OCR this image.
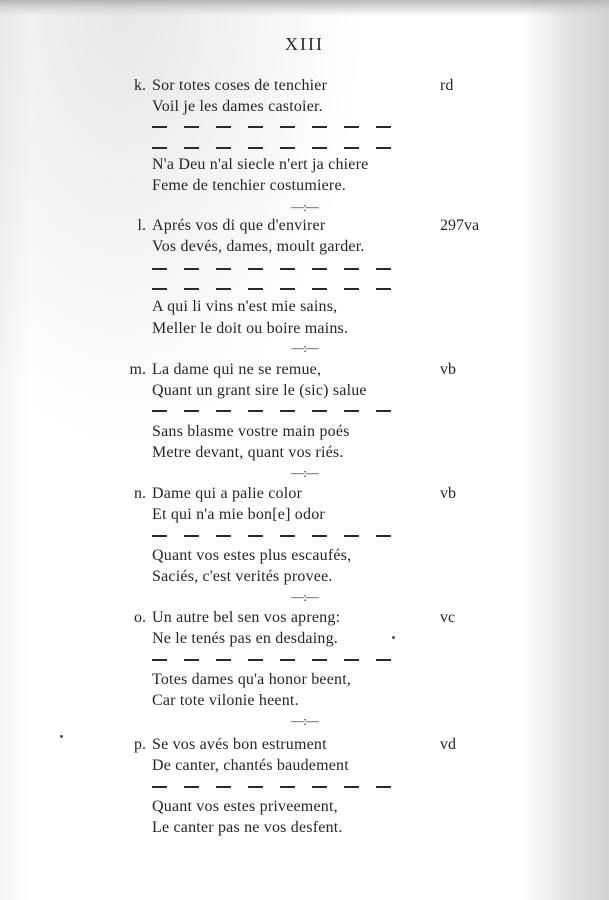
XIII
k. Sor totes coses de tenchier	rd
Voil je les dames castoier.
N'a Deu n'al siecle n'ert ja chiere
Feme de tenchier costumiere.
—:—
l. Aprés vos di que d'envirer	297va
Vos devés, dames, moult garder.
A qui li vins n'est mie sains,
Meller le doit ou boire mains.
—:—
m. La dame qui ne se remue,	vb
Quant un grant sire le (sic) salue
Sans blasme vostre main poés
Metre devant, quant vos riés.
—:—
n. Dame qui a palie color	vb
Et qui n'a mie bon[e] odor
Quant vos estes plus escaufés,
Saciés, c'est verités provee.
—:—
o. Un autre bel sen vos apreng:	vc
Ne le tenés pas en desdaing.
Totes dames qu'a honor beent,
Car tote vilonie heent.
—:—
p. Se vos avés bon estrument	vd
De canter, chantés baudement
Quant vos estes priveement,
Le canter pas ne vos desfent.
